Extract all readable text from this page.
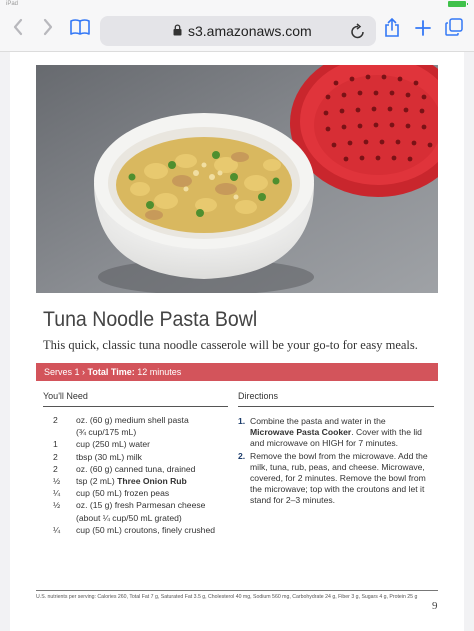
iPad
s3.amazonaws.com
Tuna Noodle Pasta Bowl
This quick, classic tuna noodle casserole will be your go-to for easy meals.
Serves 1 › Total Time: 12 minutes
You'll Need	Directions
2	oz. (60 g) medium shell pasta
(¾ cup/175 mL)
1	cup (250 mL) water
2	tbsp (30 mL) milk
2	oz. (60 g) canned tuna, drained
½	tsp (2 mL) Three Onion Rub
¼	cup (50 mL) frozen peas
½	oz. (15 g) fresh Parmesan cheese
(about ¼ cup/50 mL grated)
¼	cup (50 mL) croutons, finely crushed
1. Combine the pasta and water in the Microwave Pasta Cooker. Cover with the lid and microwave on HIGH for 7 minutes.
2. Remove the bowl from the microwave. Add the milk, tuna, rub, peas, and cheese. Microwave, covered, for 2 minutes. Remove the bowl from the microwave; top with the croutons and let it stand for 2–3 minutes.
U.S. nutrients per serving: Calories 260, Total Fat 7 g, Saturated Fat 3.5 g, Cholesterol 40 mg, Sodium 560 mg, Carbohydrate 24 g, Fiber 3 g, Sugars 4 g, Protein 25 g
9
